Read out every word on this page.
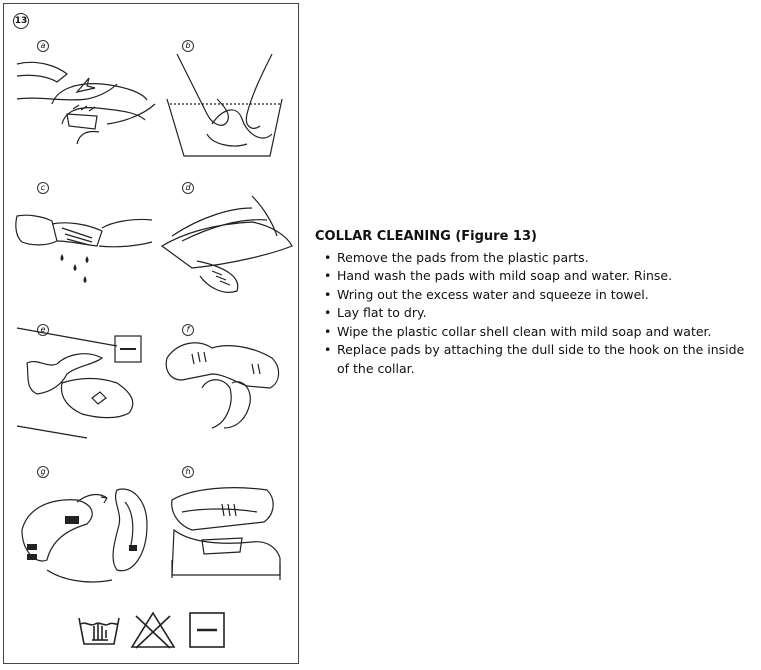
13
a	b
c	d
e	f
g	h
COLLAR CLEANING (Figure 13)
• Remove the pads from the plastic parts.
• Hand wash the pads with mild soap and water. Rinse.
• Wring out the excess water and squeeze in towel.
• Lay flat to dry.
• Wipe the plastic collar shell clean with mild soap and water.
• Replace pads by attaching the dull side to the hook on the inside of the collar.
